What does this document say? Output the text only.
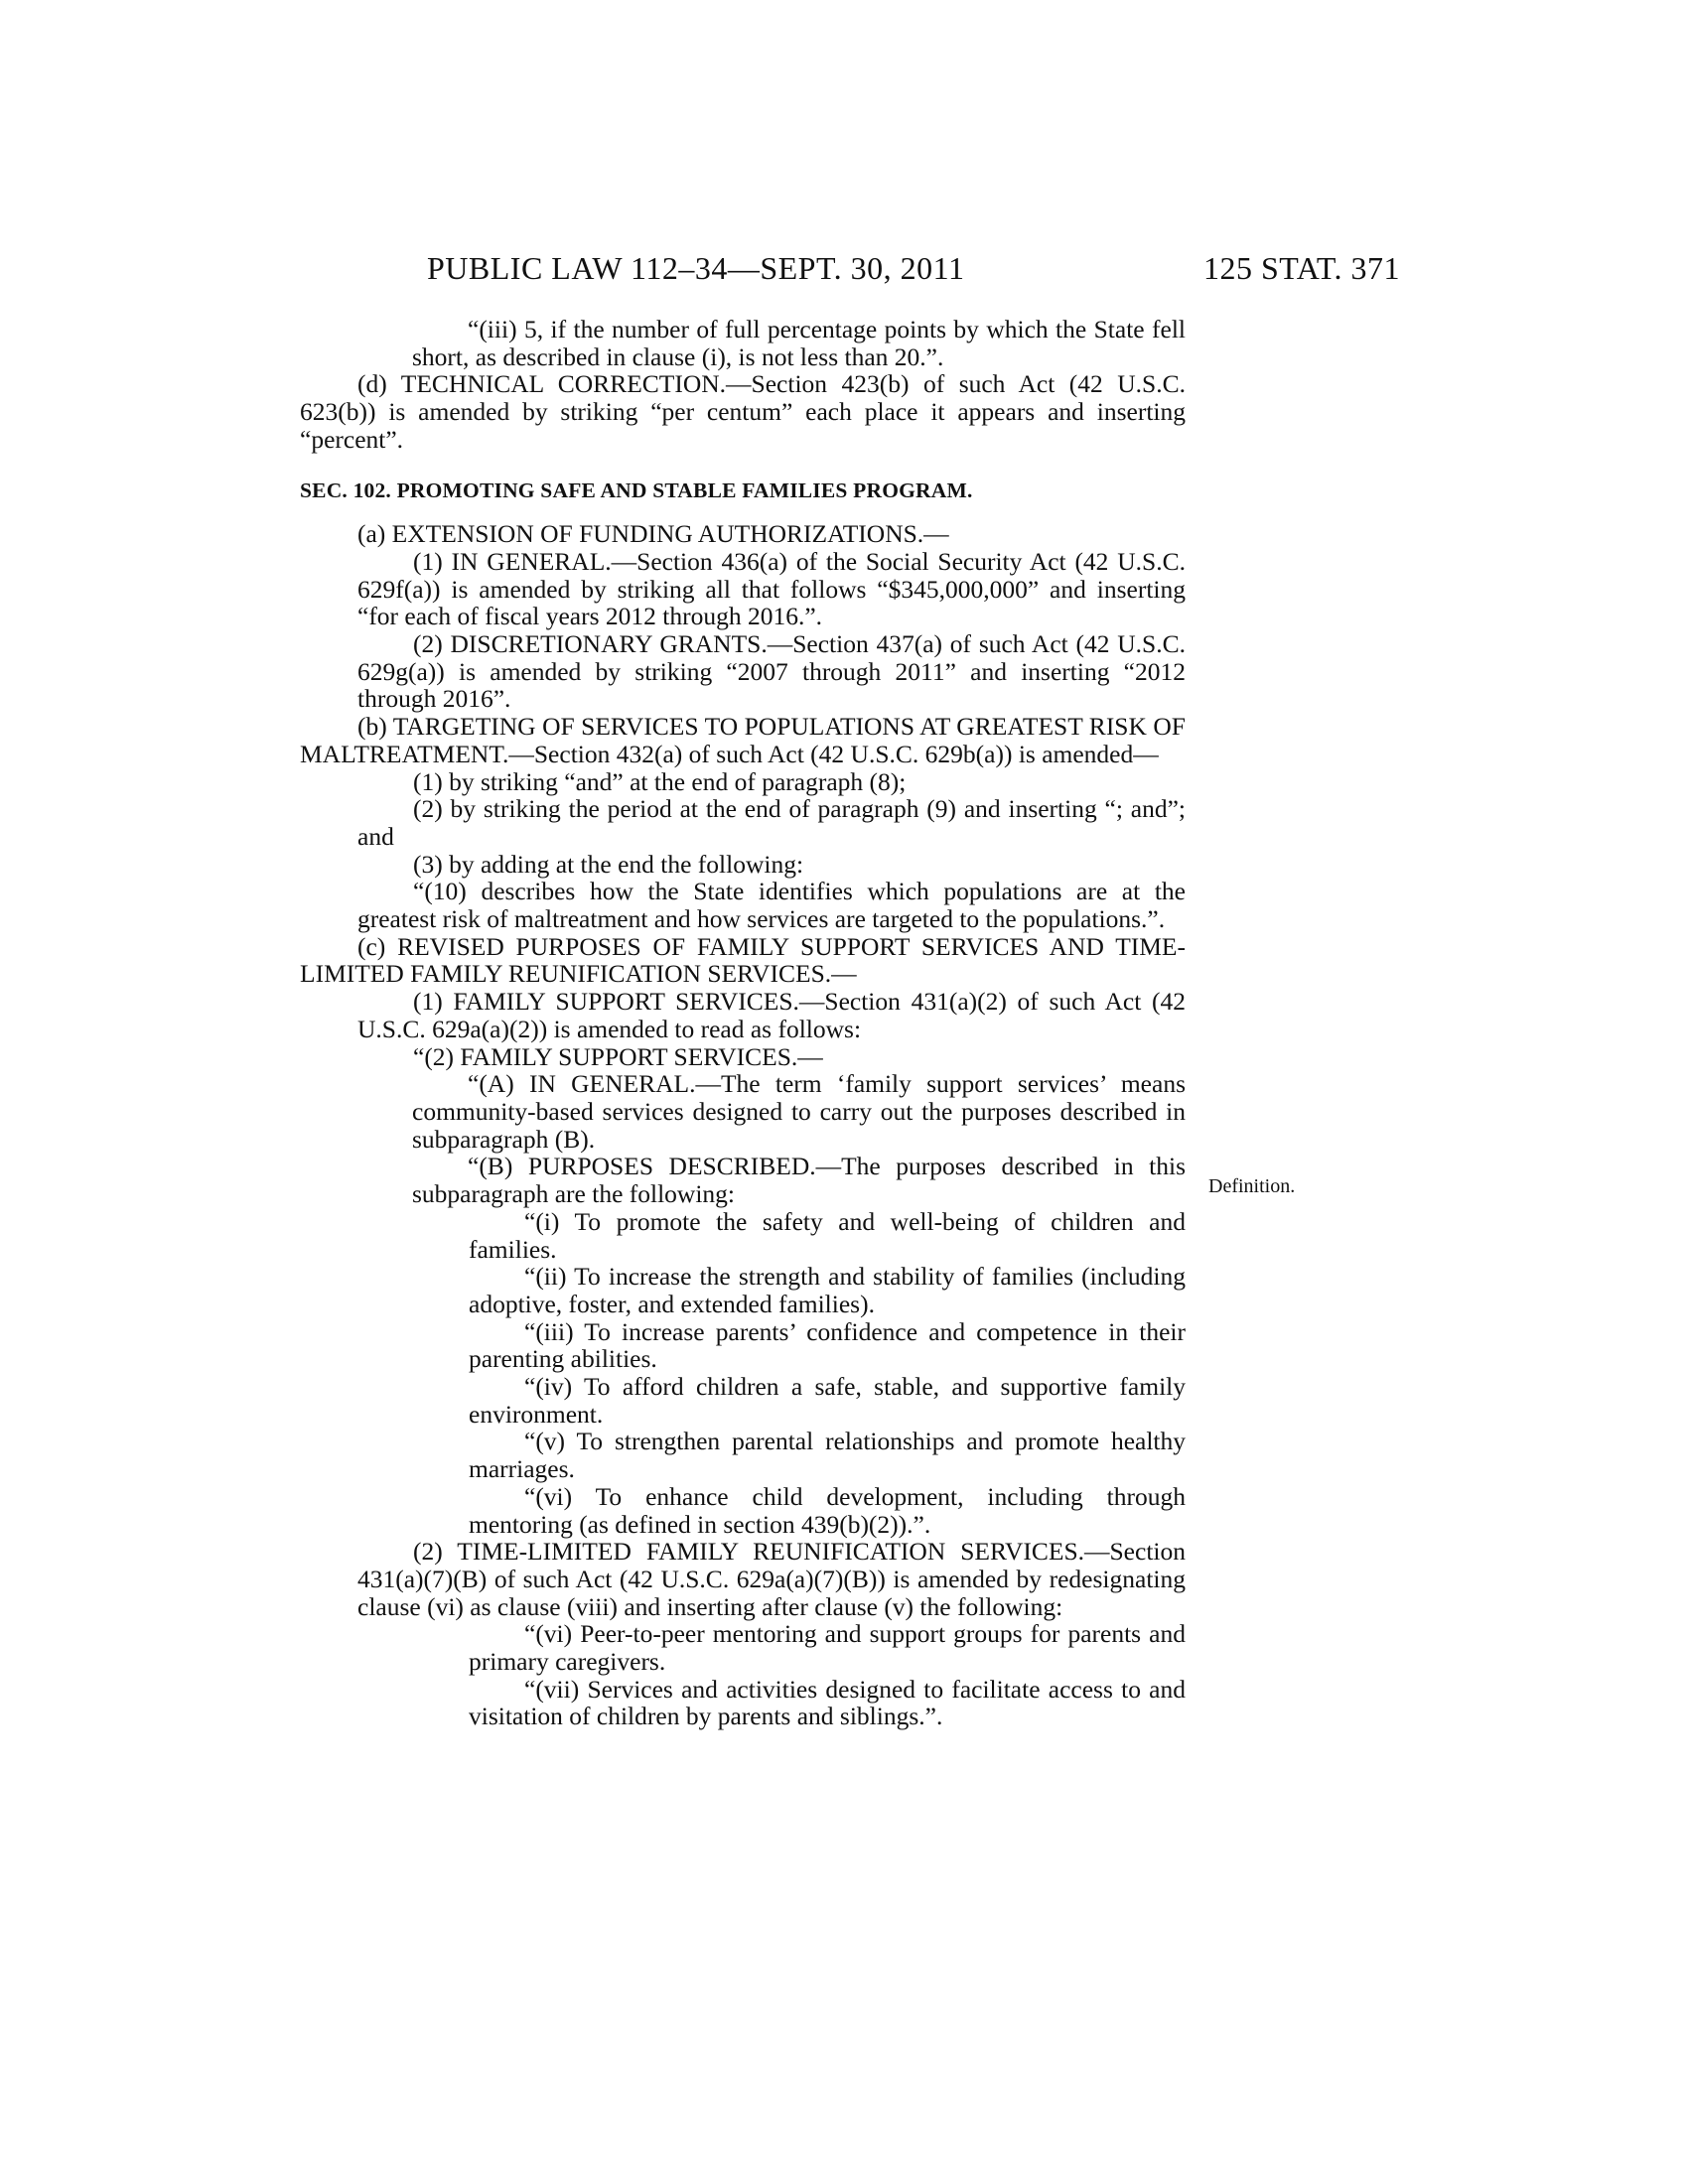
PUBLIC LAW 112–34—SEPT. 30, 2011	125 STAT. 371

“(iii) 5, if the number of full percentage points by which the State fell short, as described in clause (i), is not less than 20.”.

(d) TECHNICAL CORRECTION.—Section 423(b) of such Act (42 U.S.C. 623(b)) is amended by striking “per centum” each place it appears and inserting “percent”.

SEC. 102. PROMOTING SAFE AND STABLE FAMILIES PROGRAM.

(a) EXTENSION OF FUNDING AUTHORIZATIONS.—

(1) IN GENERAL.—Section 436(a) of the Social Security Act (42 U.S.C. 629f(a)) is amended by striking all that follows “$345,000,000” and inserting “for each of fiscal years 2012 through 2016.”.

(2) DISCRETIONARY GRANTS.—Section 437(a) of such Act (42 U.S.C. 629g(a)) is amended by striking “2007 through 2011” and inserting “2012 through 2016”.

(b) TARGETING OF SERVICES TO POPULATIONS AT GREATEST RISK OF MALTREATMENT.—Section 432(a) of such Act (42 U.S.C. 629b(a)) is amended—

(1) by striking “and” at the end of paragraph (8);

(2) by striking the period at the end of paragraph (9) and inserting “; and”; and

(3) by adding at the end the following:

“(10) describes how the State identifies which populations are at the greatest risk of maltreatment and how services are targeted to the populations.”.

(c) REVISED PURPOSES OF FAMILY SUPPORT SERVICES AND TIME-LIMITED FAMILY REUNIFICATION SERVICES.—

(1) FAMILY SUPPORT SERVICES.—Section 431(a)(2) of such Act (42 U.S.C. 629a(a)(2)) is amended to read as follows:

“(2) FAMILY SUPPORT SERVICES.—

“(A) IN GENERAL.—The term ‘family support services’ means community-based services designed to carry out the purposes described in subparagraph (B).

“(B) PURPOSES DESCRIBED.—The purposes described in this subparagraph are the following:

“(i) To promote the safety and well-being of children and families.

“(ii) To increase the strength and stability of families (including adoptive, foster, and extended families).

“(iii) To increase parents’ confidence and competence in their parenting abilities.

“(iv) To afford children a safe, stable, and supportive family environment.

“(v) To strengthen parental relationships and promote healthy marriages.

“(vi) To enhance child development, including through mentoring (as defined in section 439(b)(2)).”.

(2) TIME-LIMITED FAMILY REUNIFICATION SERVICES.—Section 431(a)(7)(B) of such Act (42 U.S.C. 629a(a)(7)(B)) is amended by redesignating clause (vi) as clause (viii) and inserting after clause (v) the following:

“(vi) Peer-to-peer mentoring and support groups for parents and primary caregivers.

“(vii) Services and activities designed to facilitate access to and visitation of children by parents and siblings.”.

Definition.
